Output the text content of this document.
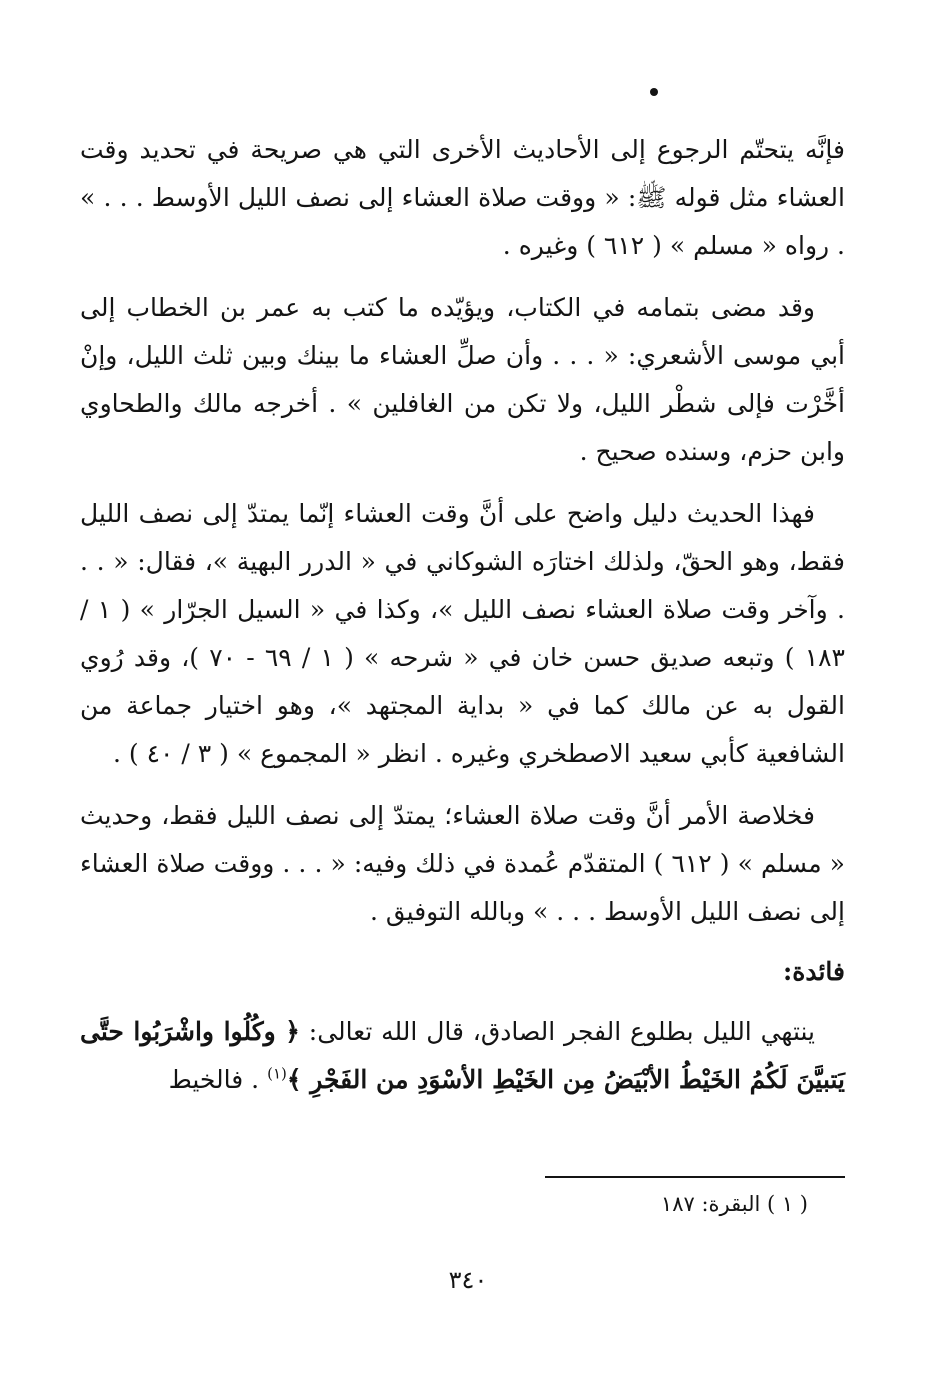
فإنَّه يتحتّم الرجوع إلى الأحاديث الأخرى التي هي صريحة في تحديد وقت العشاء مثل قوله ﷺ: « ووقت صلاة العشاء إلى نصف الليل الأوسط . . . » . رواه « مسلم » ( ٦١٢ ) وغيره .

وقد مضى بتمامه في الكتاب، ويؤيّده ما كتب به عمر بن الخطاب إلى أبي موسى الأشعري: « . . . وأن صلِّ العشاء ما بينك وبين ثلث الليل، وإنْ أخَّرْت فإلى شطْر الليل، ولا تكن من الغافلين » . أخرجه مالك والطحاوي وابن حزم، وسنده صحيح .

فهذا الحديث دليل واضح على أنَّ وقت العشاء إنّما يمتدّ إلى نصف الليل فقط، وهو الحقّ، ولذلك اختارَه الشوكاني في « الدرر البهية »، فقال: « . . . وآخر وقت صلاة العشاء نصف الليل »، وكذا في « السيل الجرّار » ( ١ / ١٨٣ ) وتبعه صديق حسن خان في « شرحه » ( ١ / ٦٩ - ٧٠ )، وقد رُوي القول به عن مالك كما في « بداية المجتهد »، وهو اختيار جماعة من الشافعية كأبي سعيد الاصطخري وغيره . انظر « المجموع » ( ٣ / ٤٠ ) .

فخلاصة الأمر أنَّ وقت صلاة العشاء؛ يمتدّ إلى نصف الليل فقط، وحديث « مسلم » ( ٦١٢ ) المتقدّم عُمدة في ذلك وفيه: « . . . ووقت صلاة العشاء إلى نصف الليل الأوسط . . . » وبالله التوفيق .

فائدة:

ينتهي الليل بطلوع الفجر الصادق، قال الله تعالى: ﴿ وكُلُوا واشْرَبُوا حتَّى يَتبيَّنَ لَكُمُ الخَيْطُ الأبْيَضُ مِن الخَيْطِ الأسْوَدِ من الفَجْرِ ﴾$^{(١)}$ . فالخيط

( ١ ) البقرة: ١٨٧
٣٤٠
